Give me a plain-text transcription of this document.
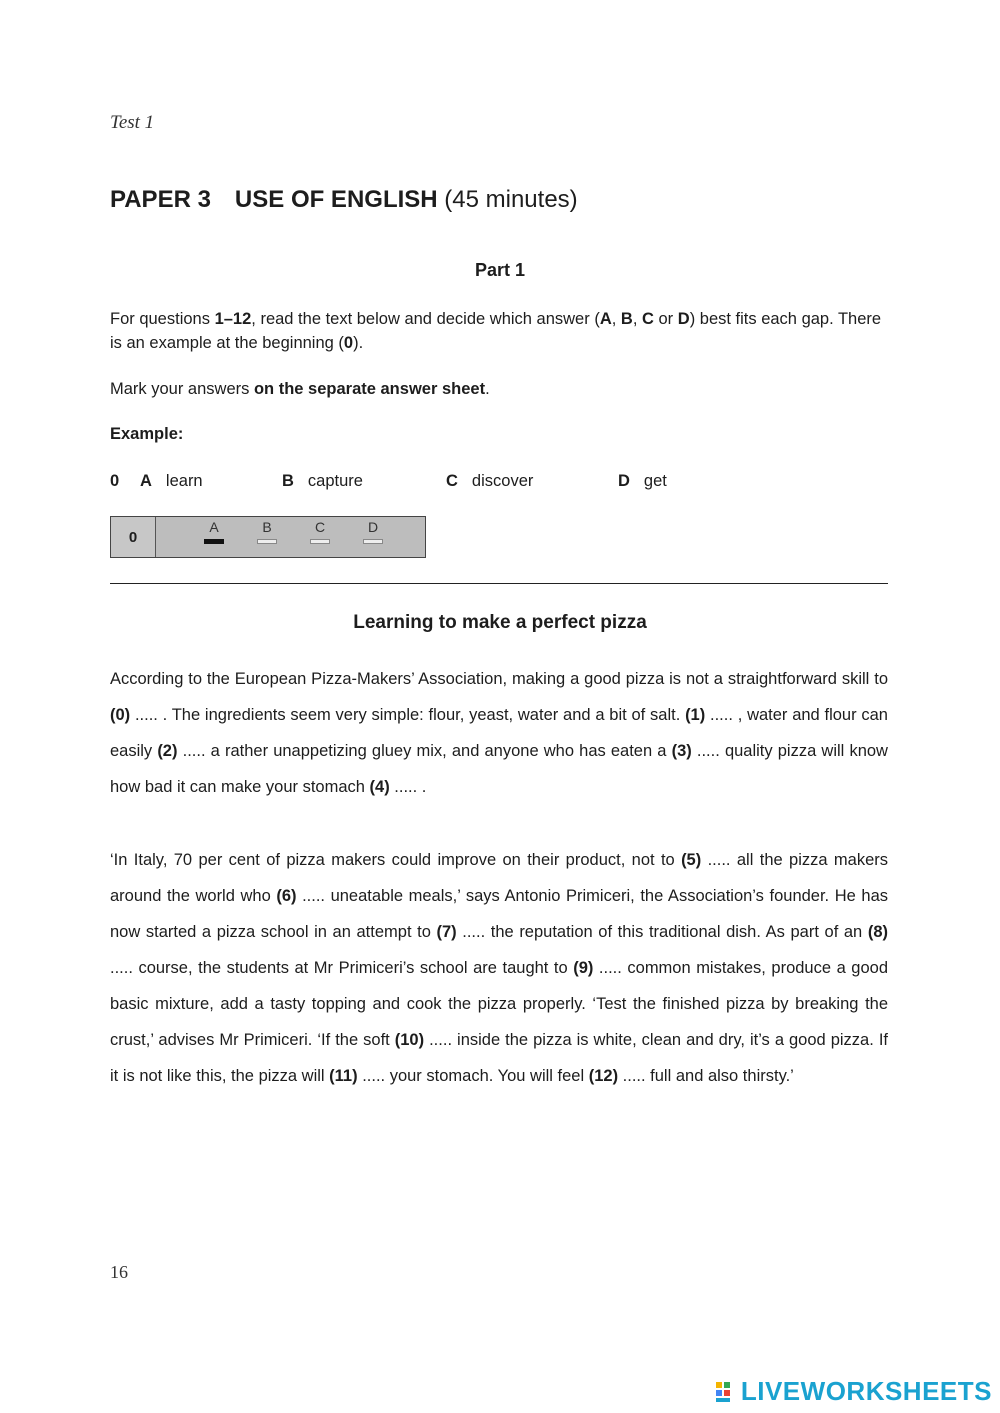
Test 1
PAPER 3 USE OF ENGLISH (45 minutes)
Part 1
For questions 1–12, read the text below and decide which answer (A, B, C or D) best fits each gap. There is an example at the beginning (0).
Mark your answers on the separate answer sheet.
Example:
0	A learn	B capture	C discover	D get
0
A	B	C	D
Learning to make a perfect pizza
According to the European Pizza-Makers’ Association, making a good pizza is not a straightforward skill to (0) ..... . The ingredients seem very simple: flour, yeast, water and a bit of salt. (1) ..... , water and flour can easily (2) ..... a rather unappetizing gluey mix, and anyone who has eaten a (3) ..... quality pizza will know how bad it can make your stomach (4) ..... .
‘In Italy, 70 per cent of pizza makers could improve on their product, not to (5) ..... all the pizza makers around the world who (6) ..... uneatable meals,’ says Antonio Primiceri, the Association’s founder. He has now started a pizza school in an attempt to (7) ..... the reputation of this traditional dish. As part of an (8) ..... course, the students at Mr Primiceri’s school are taught to (9) ..... common mistakes, produce a good basic mixture, add a tasty topping and cook the pizza properly. ‘Test the finished pizza by breaking the crust,’ advises Mr Primiceri. ‘If the soft (10) ..... inside the pizza is white, clean and dry, it’s a good pizza. If it is not like this, the pizza will (11) ..... your stomach. You will feel (12) ..... full and also thirsty.’
16
LIVEWORKSHEETS
